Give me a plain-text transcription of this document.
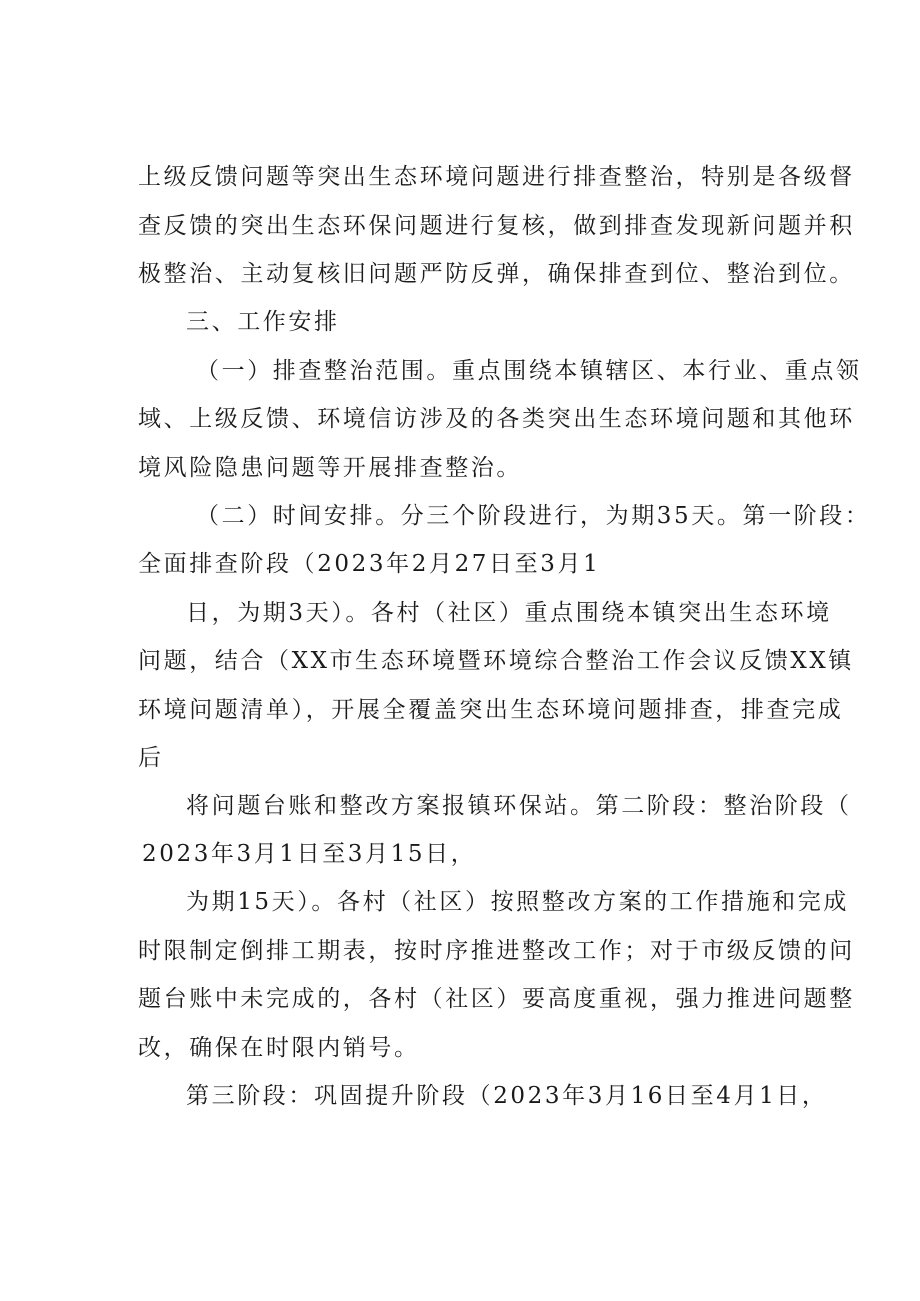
上级反馈问题等突出生态环境问题进行排查整治，特别是各级督
查反馈的突出生态环保问题进行复核，做到排查发现新问题并积
极整治、主动复核旧问题严防反弹，确保排查到位、整治到位。
三、工作安排
（一）排查整治范围。重点围绕本镇辖区、本行业、重点领
域、上级反馈、环境信访涉及的各类突出生态环境问题和其他环
境风险隐患问题等开展排查整治。
（二）时间安排。分三个阶段进行，为期35天。第一阶段：
全面排查阶段（2023年2月27日至3月1
日，为期3天）。各村（社区）重点围绕本镇突出生态环境
问题，结合（XX市生态环境暨环境综合整治工作会议反馈XX镇
环境问题清单），开展全覆盖突出生态环境问题排查，排查完成
后
将问题台账和整改方案报镇环保站。第二阶段：整治阶段（
2023年3月1日至3月15日，
为期15天）。各村（社区）按照整改方案的工作措施和完成
时限制定倒排工期表，按时序推进整改工作；对于市级反馈的问
题台账中未完成的，各村（社区）要高度重视，强力推进问题整
改，确保在时限内销号。
第三阶段：巩固提升阶段（2023年3月16日至4月1日，
